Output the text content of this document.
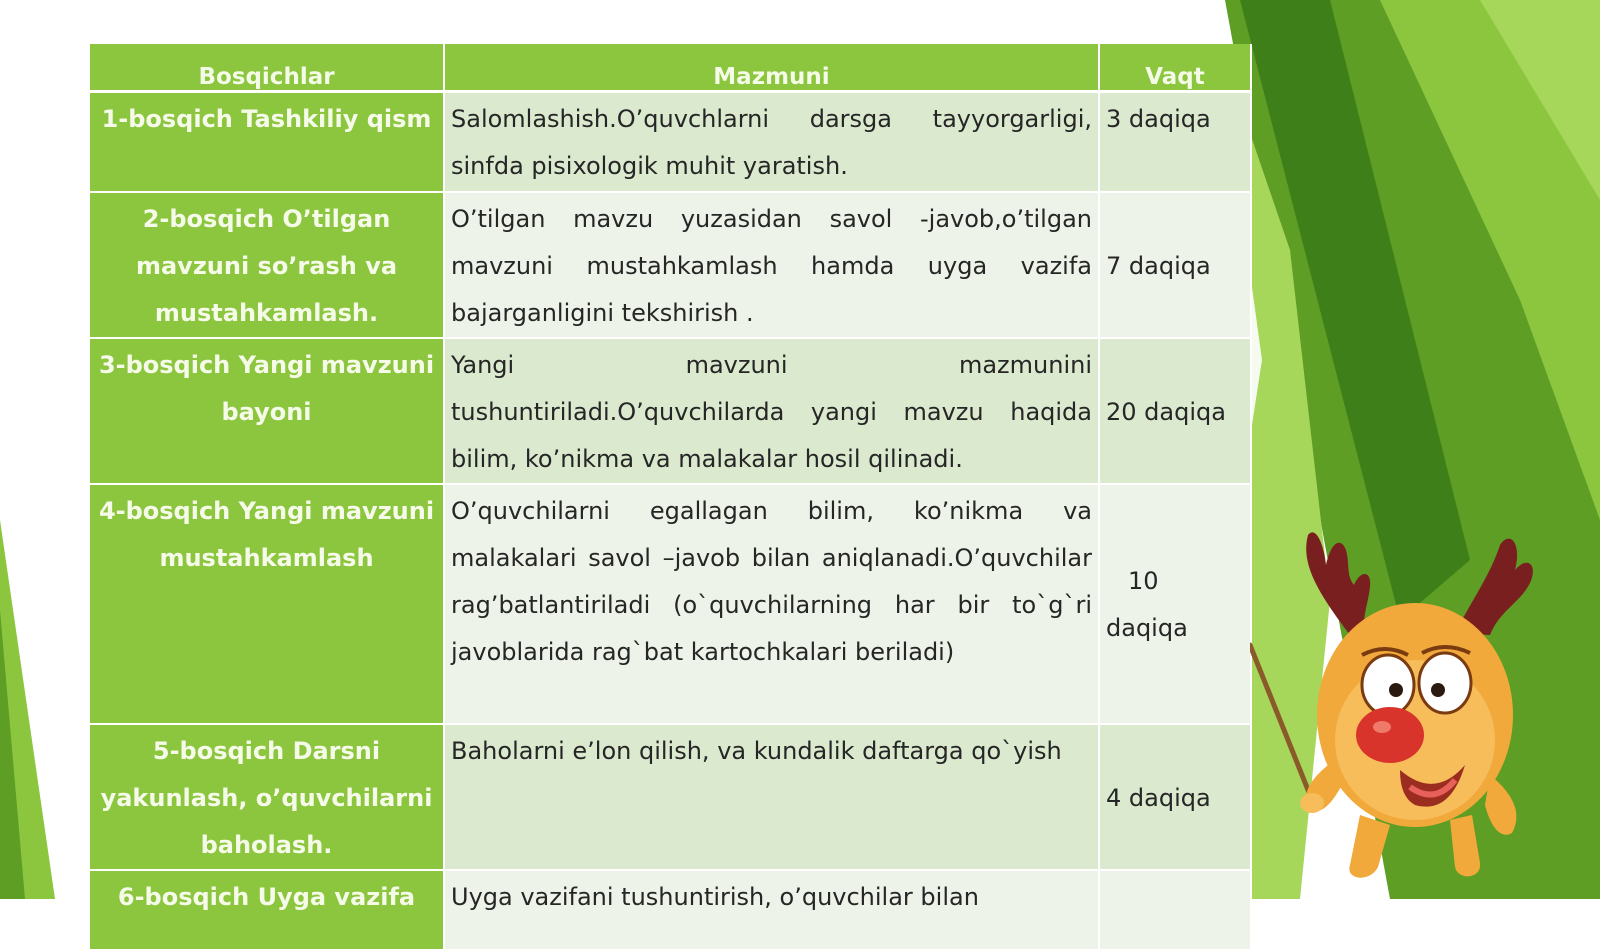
Bosqichlar	Mazmuni	Vaqt
1-bosqich Tashkiliy qism	Salomlashish.O’quvchlarni darsga tayyorgarligi, sinfda pisixologik muhit yaratish.	3 daqiqa
2-bosqich O’tilgan mavzuni so’rash va mustahkamlash.	O’tilgan mavzu yuzasidan savol -javob,o’tilgan mavzuni mustahkamlash hamda uyga vazifa bajarganligini tekshirish .	7 daqiqa
3-bosqich Yangi mavzuni bayoni	Yangi mavzuni mazmunini tushuntiriladi.O’quvchilarda yangi mavzu haqida bilim, ko’nikma va malakalar hosil qilinadi.	20 daqiqa
4-bosqich Yangi mavzuni mustahkamlash	O’quvchilarni egallagan bilim, ko’nikma va malakalari savol –javob bilan aniqlanadi.O’quvchilar rag’batlantiriladi (o`quvchilarning har bir to`g`ri javoblarida rag`bat kartochkalari beriladi)	10
daqiqa

5-bosqich Darsni yakunlash, o’quvchilarni baholash.	Baholarni e’lon qilish, va kundalik daftarga qo`yish	4 daqiqa
6-bosqich Uyga vazifa	Uyga vazifani tushuntirish, o’quvchilar bilan	
